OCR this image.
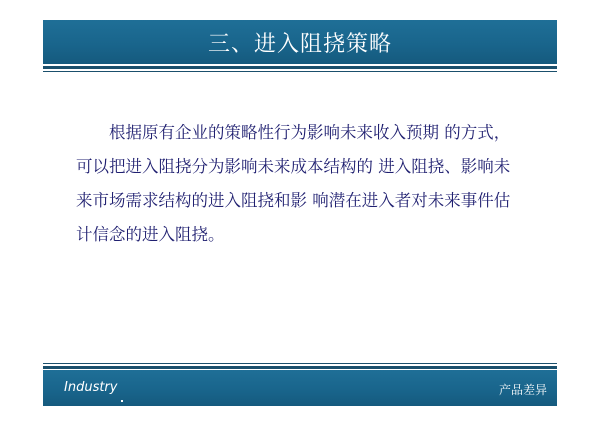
三、进入阻挠策略

根据原有企业的策略性行为影响未来收入预期 的方式，可以把进入阻挠分为影响未来成本结构的 进入阻挠、影响未来市场需求结构的进入阻挠和影 响潜在进入者对未来事件估计信念的进入阻挠。

Industry	产品差异
